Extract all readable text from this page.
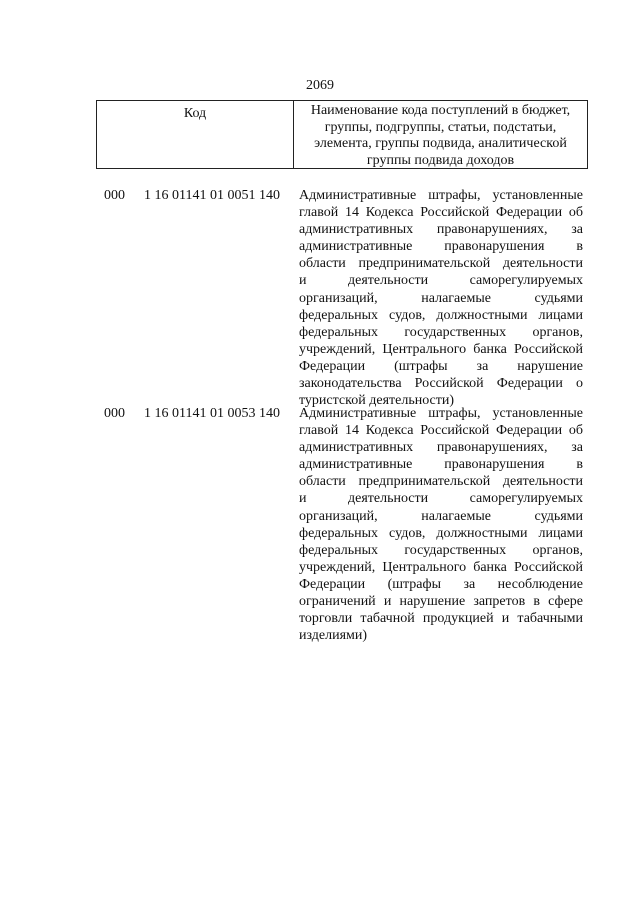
2069
Код	Наименование кода поступлений в бюджет,
группы, подгруппы, статьи, подстатьи,
элемента, группы подвида, аналитической
группы подвида доходов
000 1 16 01141 01 0051 140 Административные штрафы, установленные
главой 14 Кодекса Российской Федерации об
административных правонарушениях, за
административные правонарушения в
области предпринимательской деятельности
и деятельности саморегулируемых
организаций, налагаемые судьями
федеральных судов, должностными лицами
федеральных государственных органов,
учреждений, Центрального банка Российской
Федерации (штрафы за нарушение
законодательства Российской Федерации о
туристской деятельности)
000 1 16 01141 01 0053 140 Административные штрафы, установленные
главой 14 Кодекса Российской Федерации об
административных правонарушениях, за
административные правонарушения в
области предпринимательской деятельности
и деятельности саморегулируемых
организаций, налагаемые судьями
федеральных судов, должностными лицами
федеральных государственных органов,
учреждений, Центрального банка Российской
Федерации (штрафы за несоблюдение
ограничений и нарушение запретов в сфере
торговли табачной продукцией и табачными
изделиями)
